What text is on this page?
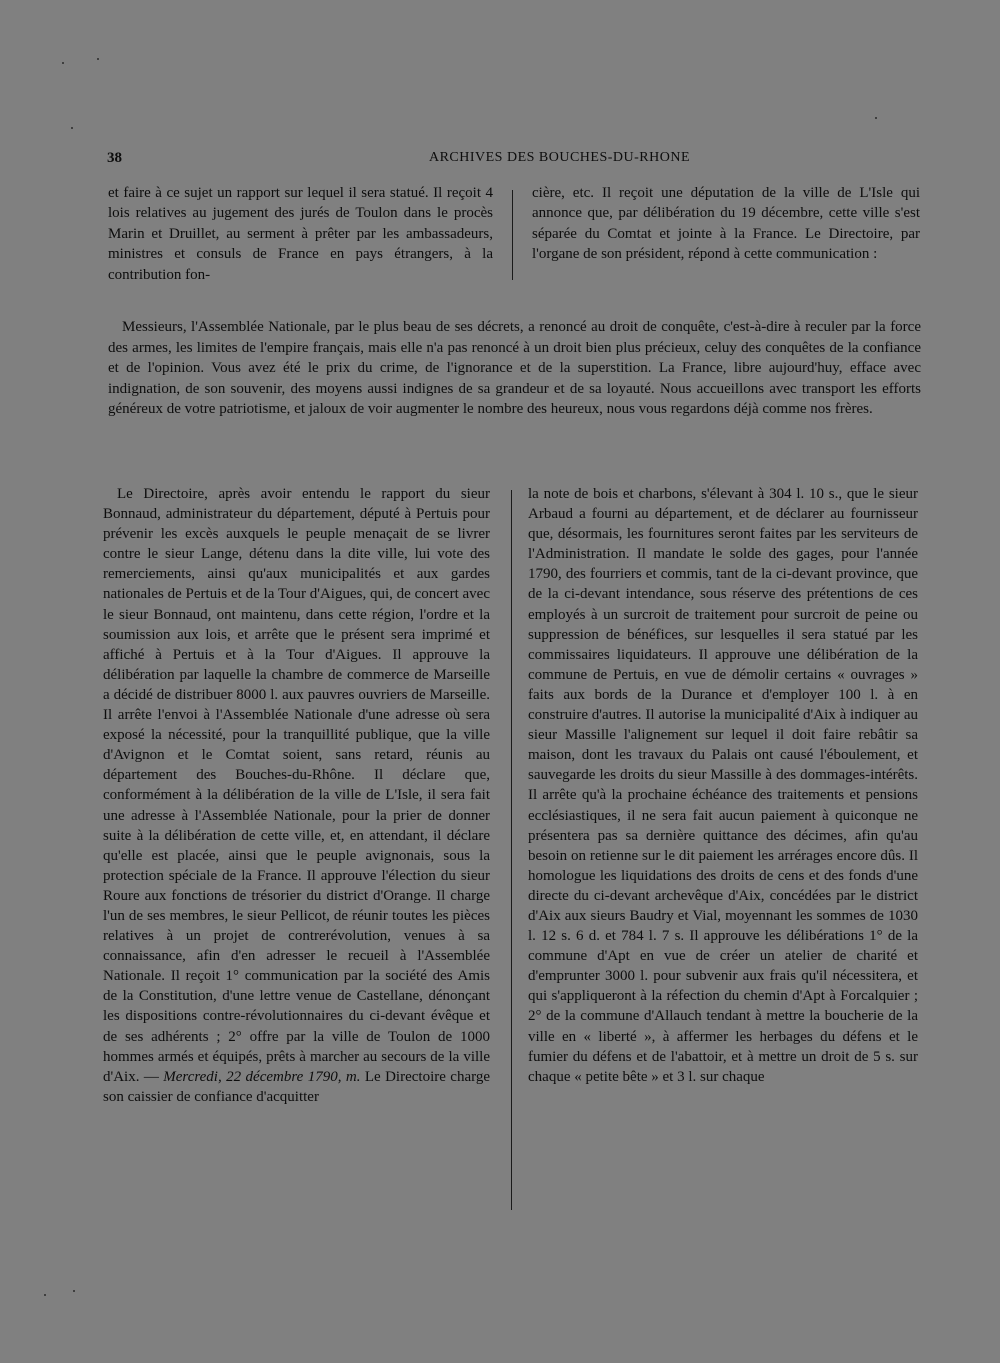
38	ARCHIVES DES BOUCHES-DU-RHONE

et faire à ce sujet un rapport sur lequel il sera statué. Il reçoit 4 lois relatives au jugement des jurés de Toulon dans le procès Marin et Druillet, au serment à prêter par les ambassadeurs, ministres et consuls de France en pays étrangers, à la contribution fon-

cière, etc. Il reçoit une députation de la ville de L'Isle qui annonce que, par délibération du 19 décembre, cette ville s'est séparée du Comtat et jointe à la France. Le Directoire, par l'organe de son président, répond à cette communication :

Messieurs, l'Assemblée Nationale, par le plus beau de ses décrets, a renoncé au droit de conquête, c'est-à-dire à reculer par la force des armes, les limites de l'empire français, mais elle n'a pas renoncé à un droit bien plus précieux, celuy des conquêtes de la confiance et de l'opinion. Vous avez été le prix du crime, de l'ignorance et de la superstition. La France, libre aujourd'huy, efface avec indignation, de son souvenir, des moyens aussi indignes de sa grandeur et de sa loyauté. Nous accueillons avec transport les efforts généreux de votre patriotisme, et jaloux de voir augmenter le nombre des heureux, nous vous regardons déjà comme nos frères.

Le Directoire, après avoir entendu le rapport du sieur Bonnaud, administrateur du département, député à Pertuis pour prévenir les excès auxquels le peuple menaçait de se livrer contre le sieur Lange, détenu dans la dite ville, lui vote des remerciements, ainsi qu'aux municipalités et aux gardes nationales de Pertuis et de la Tour d'Aigues, qui, de concert avec le sieur Bonnaud, ont maintenu, dans cette région, l'ordre et la soumission aux lois, et arrête que le présent sera imprimé et affiché à Pertuis et à la Tour d'Aigues. Il approuve la délibération par laquelle la chambre de commerce de Marseille a décidé de distribuer 8000 l. aux pauvres ouvriers de Marseille. Il arrête l'envoi à l'Assemblée Nationale d'une adresse où sera exposé la nécessité, pour la tranquillité publique, que la ville d'Avignon et le Comtat soient, sans retard, réunis au département des Bouches-du-Rhône. Il déclare que, conformément à la délibération de la ville de L'Isle, il sera fait une adresse à l'Assemblée Nationale, pour la prier de donner suite à la délibération de cette ville, et, en attendant, il déclare qu'elle est placée, ainsi que le peuple avignonais, sous la protection spéciale de la France. Il approuve l'élection du sieur Roure aux fonctions de trésorier du district d'Orange. Il charge l'un de ses membres, le sieur Pellicot, de réunir toutes les pièces relatives à un projet de contrerévolution, venues à sa connaissance, afin d'en adresser le recueil à l'Assemblée Nationale. Il reçoit 1° communication par la société des Amis de la Constitution, d'une lettre venue de Castellane, dénonçant les dispositions contre-révolutionnaires du ci-devant évêque et de ses adhérents ; 2° offre par la ville de Toulon de 1000 hommes armés et équipés, prêts à marcher au secours de la ville d'Aix. — Mercredi, 22 décembre 1790, m. Le Directoire charge son caissier de confiance d'acquitter

la note de bois et charbons, s'élevant à 304 l. 10 s., que le sieur Arbaud a fourni au département, et de déclarer au fournisseur que, désormais, les fournitures seront faites par les serviteurs de l'Administration. Il mandate le solde des gages, pour l'année 1790, des fourriers et commis, tant de la ci-devant province, que de la ci-devant intendance, sous réserve des prétentions de ces employés à un surcroit de traitement pour surcroit de peine ou suppression de bénéfices, sur lesquelles il sera statué par les commissaires liquidateurs. Il approuve une délibération de la commune de Pertuis, en vue de démolir certains « ouvrages » faits aux bords de la Durance et d'employer 100 l. à en construire d'autres. Il autorise la municipalité d'Aix à indiquer au sieur Massille l'alignement sur lequel il doit faire rebâtir sa maison, dont les travaux du Palais ont causé l'éboulement, et sauvegarde les droits du sieur Massille à des dommages-intérêts. Il arrête qu'à la prochaine échéance des traitements et pensions ecclésiastiques, il ne sera fait aucun paiement à quiconque ne présentera pas sa dernière quittance des décimes, afin qu'au besoin on retienne sur le dit paiement les arrérages encore dûs. Il homologue les liquidations des droits de cens et des fonds d'une directe du ci-devant archevêque d'Aix, concédées par le district d'Aix aux sieurs Baudry et Vial, moyennant les sommes de 1030 l. 12 s. 6 d. et 784 l. 7 s. Il approuve les délibérations 1° de la commune d'Apt en vue de créer un atelier de charité et d'emprunter 3000 l. pour subvenir aux frais qu'il nécessitera, et qui s'appliqueront à la réfection du chemin d'Apt à Forcalquier ; 2° de la commune d'Allauch tendant à mettre la boucherie de la ville en « liberté », à affermer les herbages du défens et le fumier du défens et de l'abattoir, et à mettre un droit de 5 s. sur chaque « petite bête » et 3 l. sur chaque
